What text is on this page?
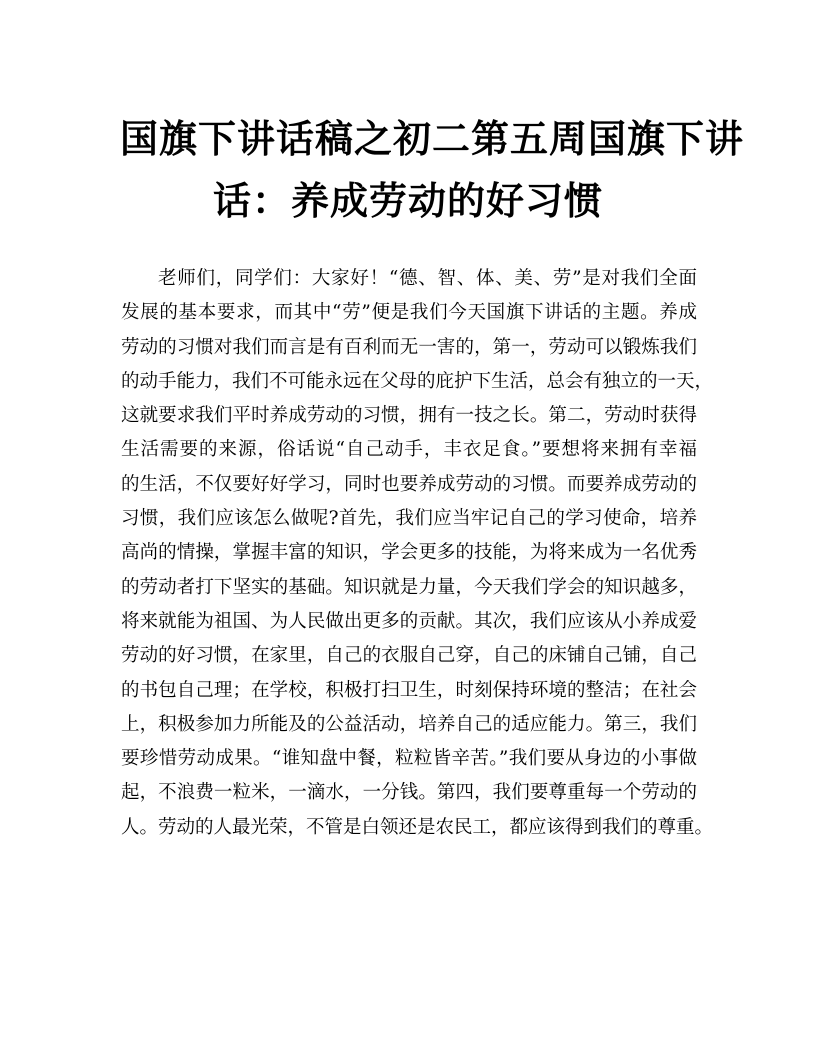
国旗下讲话稿之初二第五周国旗下讲
话：养成劳动的好习惯
老师们，同学们：大家好！“德、智、体、美、劳”是对我们全面
发展的基本要求，而其中“劳”便是我们今天国旗下讲话的主题。养成
劳动的习惯对我们而言是有百利而无一害的，第一，劳动可以锻炼我们
的动手能力，我们不可能永远在父母的庇护下生活，总会有独立的一天，
这就要求我们平时养成劳动的习惯，拥有一技之长。第二，劳动时获得
生活需要的来源，俗话说“自己动手，丰衣足食。”要想将来拥有幸福
的生活，不仅要好好学习，同时也要养成劳动的习惯。而要养成劳动的
习惯，我们应该怎么做呢?首先，我们应当牢记自己的学习使命，培养
高尚的情操，掌握丰富的知识，学会更多的技能，为将来成为一名优秀
的劳动者打下坚实的基础。知识就是力量，今天我们学会的知识越多，
将来就能为祖国、为人民做出更多的贡献。其次，我们应该从小养成爱
劳动的好习惯，在家里，自己的衣服自己穿，自己的床铺自己铺，自己
的书包自己理；在学校，积极打扫卫生，时刻保持环境的整洁；在社会
上，积极参加力所能及的公益活动，培养自己的适应能力。第三，我们
要珍惜劳动成果。“谁知盘中餐，粒粒皆辛苦。”我们要从身边的小事做
起，不浪费一粒米，一滴水，一分钱。第四，我们要尊重每一个劳动的
人。劳动的人最光荣，不管是白领还是农民工，都应该得到我们的尊重。
